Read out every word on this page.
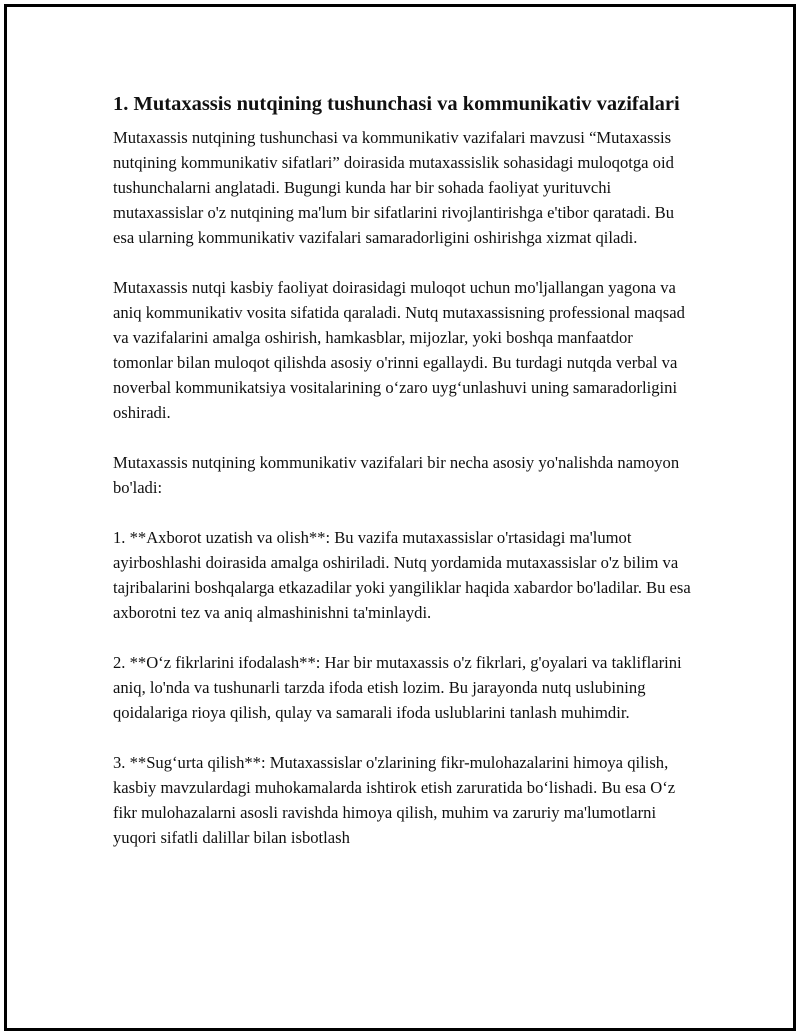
1. Mutaxassis nutqining tushunchasi va kommunikativ vazifalari

Mutaxassis nutqining tushunchasi va kommunikativ vazifalari mavzusi “Mutaxassis nutqining kommunikativ sifatlari” doirasida mutaxassislik sohasidagi muloqotga oid tushunchalarni anglatadi. Bugungi kunda har bir sohada faoliyat yurituvchi mutaxassislar o'z nutqining ma'lum bir sifatlarini rivojlantirishga e'tibor qaratadi. Bu esa ularning kommunikativ vazifalari samaradorligini oshirishga xizmat qiladi.

Mutaxassis nutqi kasbiy faoliyat doirasidagi muloqot uchun mo'ljallangan yagona va aniq kommunikativ vosita sifatida qaraladi. Nutq mutaxassisning professional maqsad va vazifalarini amalga oshirish, hamkasblar, mijozlar, yoki boshqa manfaatdor tomonlar bilan muloqot qilishda asosiy o'rinni egallaydi. Bu turdagi nutqda verbal va noverbal kommunikatsiya vositalarining o‘zaro uyg‘unlashuvi uning samaradorligini oshiradi.

Mutaxassis nutqining kommunikativ vazifalari bir necha asosiy yo'nalishda namoyon bo'ladi:

1. **Axborot uzatish va olish**: Bu vazifa mutaxassislar o'rtasidagi ma'lumot ayirboshlashi doirasida amalga oshiriladi. Nutq yordamida mutaxassislar o'z bilim va tajribalarini boshqalarga etkazadilar yoki yangiliklar haqida xabardor bo'ladilar. Bu esa axborotni tez va aniq almashinishni ta'minlaydi.

2. **O‘z fikrlarini ifodalash**: Har bir mutaxassis o'z fikrlari, g'oyalari va takliflarini aniq, lo'nda va tushunarli tarzda ifoda etish lozim. Bu jarayonda nutq uslubining qoidalariga rioya qilish, qulay va samarali ifoda uslublarini tanlash muhimdir.

3. **Sug‘urta qilish**: Mutaxassislar o'zlarining fikr-mulohazalarini himoya qilish, kasbiy mavzulardagi muhokamalarda ishtirok etish zaruratida bo‘lishadi. Bu esa O‘z fikr mulohazalarni asosli ravishda himoya qilish, muhim va zaruriy ma'lumotlarni yuqori sifatli dalillar bilan isbotlash
